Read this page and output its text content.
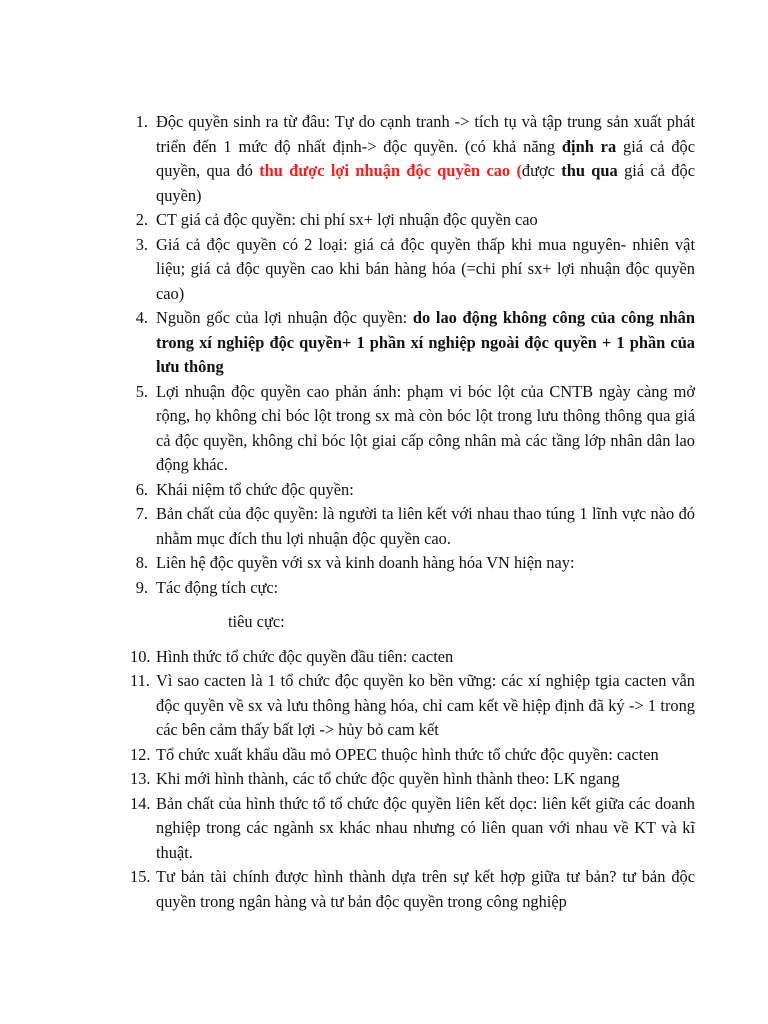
1. Độc quyền sinh ra từ đâu: Tự do cạnh tranh -> tích tụ và tập trung sản xuất phát triển đến 1 mức độ nhất định-> độc quyền. (có khả năng định ra giá cả độc quyền, qua đó thu được lợi nhuận độc quyền cao (được thu qua giá cả độc quyền)
2. CT giá cả độc quyền: chi phí sx+ lợi nhuận độc quyền cao
3. Giá cả độc quyền có 2 loại: giá cả độc quyền thấp khi mua nguyên- nhiên vật liệu; giá cả độc quyền cao khi bán hàng hóa (=chi phí sx+ lợi nhuận độc quyền cao)
4. Nguồn gốc của lợi nhuận độc quyền: do lao động không công của công nhân trong xí nghiệp độc quyền+ 1 phần xí nghiệp ngoài độc quyền + 1 phần của lưu thông
5. Lợi nhuận độc quyền cao phản ánh: phạm vi bóc lột của CNTB ngày càng mở rộng, họ không chỉ bóc lột trong sx mà còn bóc lột trong lưu thông thông qua giá cả độc quyền, không chỉ bóc lột giai cấp công nhân mà các tầng lớp nhân dân lao động khác.
6. Khái niệm tổ chức độc quyền:
7. Bản chất của độc quyền: là người ta liên kết với nhau thao túng 1 lĩnh vực nào đó nhằm mục đích thu lợi nhuận độc quyền cao.
8. Liên hệ độc quyền với sx và kinh doanh hàng hóa VN hiện nay:
9. Tác động tích cực:
tiêu cực:
10. Hình thức tổ chức độc quyền đầu tiên: cacten
11. Vì sao cacten là 1 tổ chức độc quyền ko bền vững: các xí nghiệp tgia cacten vẫn độc quyền về sx và lưu thông hàng hóa, chỉ cam kết về hiệp định đã ký -> 1 trong các bên cảm thấy bất lợi -> hủy bỏ cam kết
12. Tổ chức xuất khẩu dầu mỏ OPEC thuộc hình thức tổ chức độc quyền: cacten
13. Khi mới hình thành, các tổ chức độc quyền hình thành theo: LK ngang
14. Bản chất của hình thức tổ tổ chức độc quyền liên kết dọc: liên kết giữa các doanh nghiệp trong các ngành sx khác nhau nhưng có liên quan với nhau về KT và kĩ thuật.
15. Tư bản tài chính được hình thành dựa trên sự kết hợp giữa tư bản? tư bản độc quyền trong ngân hàng và tư bản độc quyền trong công nghiệp
